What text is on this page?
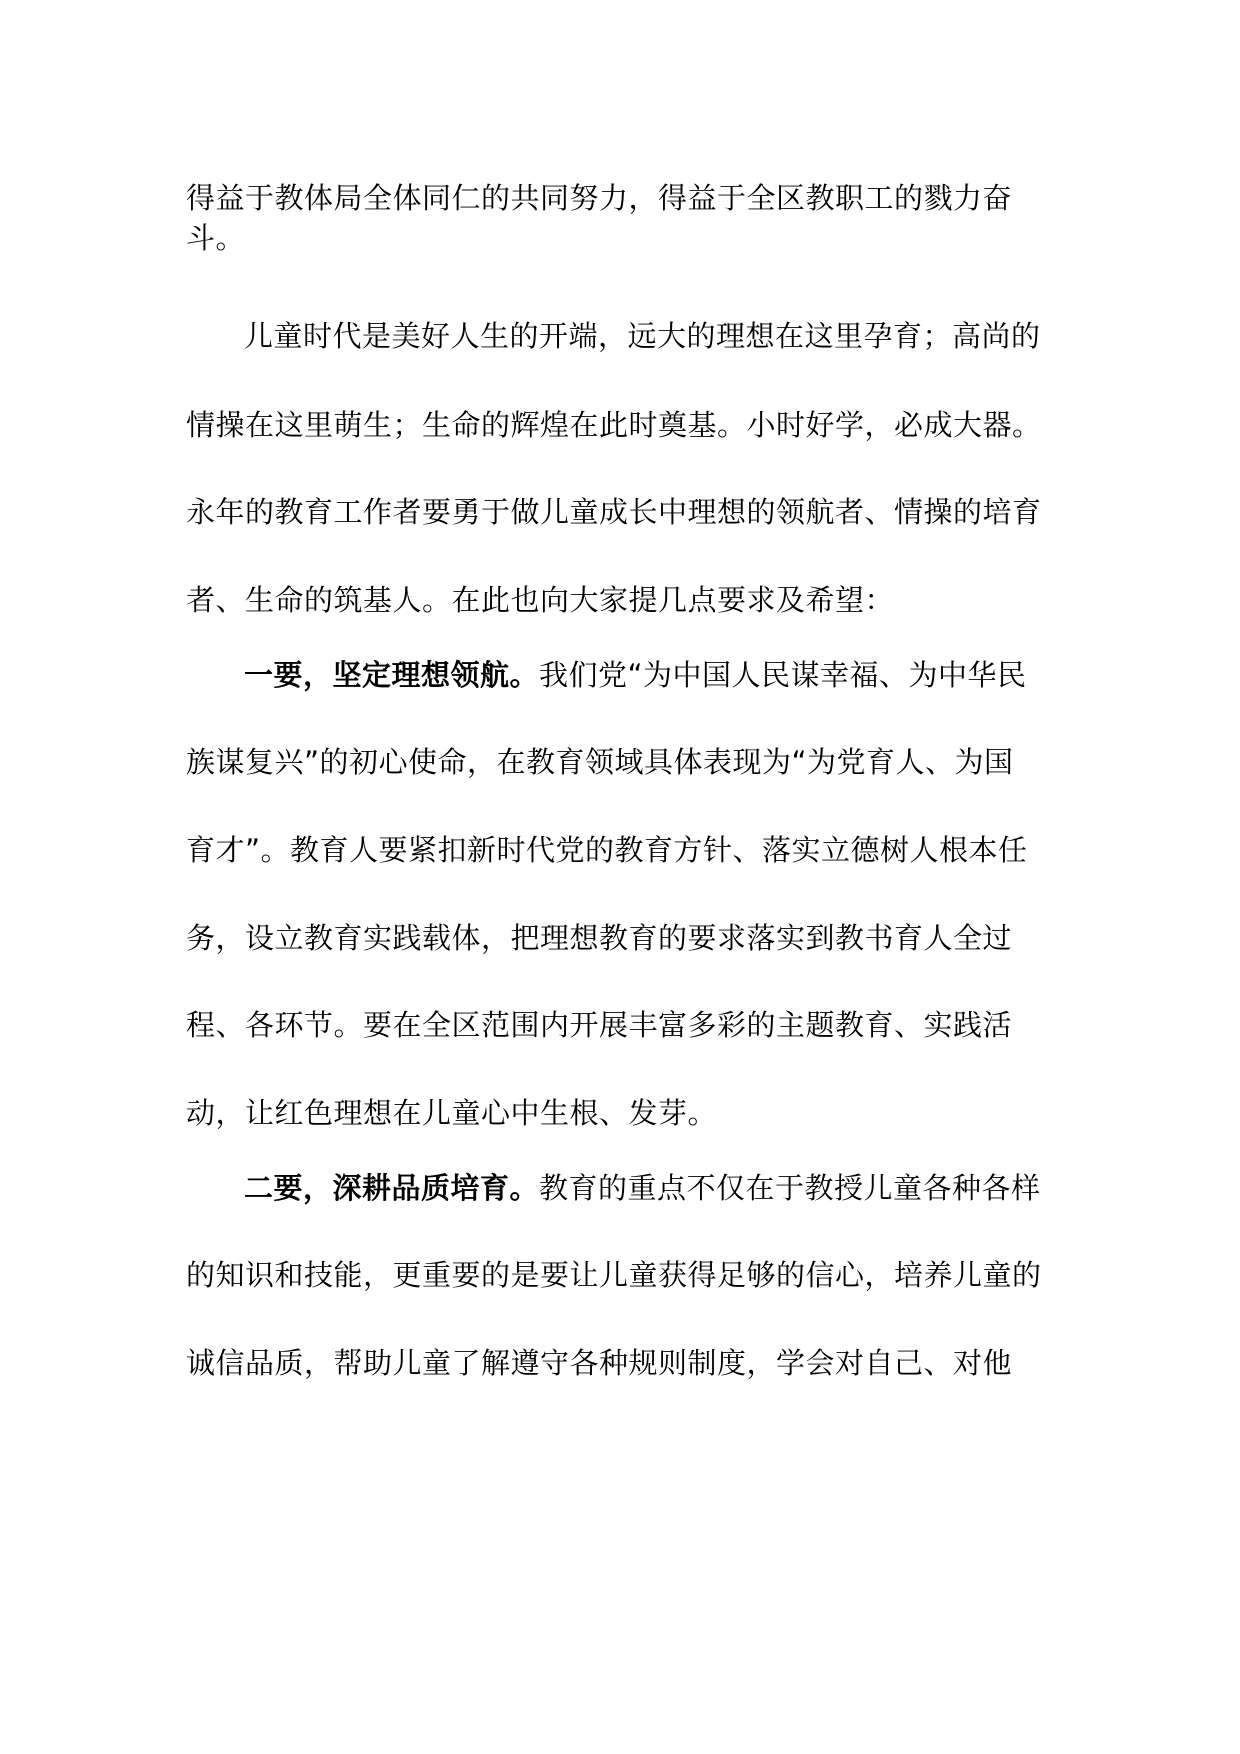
得益于教体局全体同仁的共同努力，得益于全区教职工的戮力奋
斗。
儿童时代是美好人生的开端，远大的理想在这里孕育；高尚的
情操在这里萌生；生命的辉煌在此时奠基。小时好学，必成大器。
永年的教育工作者要勇于做儿童成长中理想的领航者、情操的培育
者、生命的筑基人。在此也向大家提几点要求及希望：
一要，坚定理想领航。我们党“为中国人民谋幸福、为中华民
族谋复兴”的初心使命，在教育领域具体表现为“为党育人、为国
育才”。教育人要紧扣新时代党的教育方针、落实立德树人根本任
务，设立教育实践载体，把理想教育的要求落实到教书育人全过
程、各环节。要在全区范围内开展丰富多彩的主题教育、实践活
动，让红色理想在儿童心中生根、发芽。
二要，深耕品质培育。教育的重点不仅在于教授儿童各种各样
的知识和技能，更重要的是要让儿童获得足够的信心，培养儿童的
诚信品质，帮助儿童了解遵守各种规则制度，学会对自己、对他
